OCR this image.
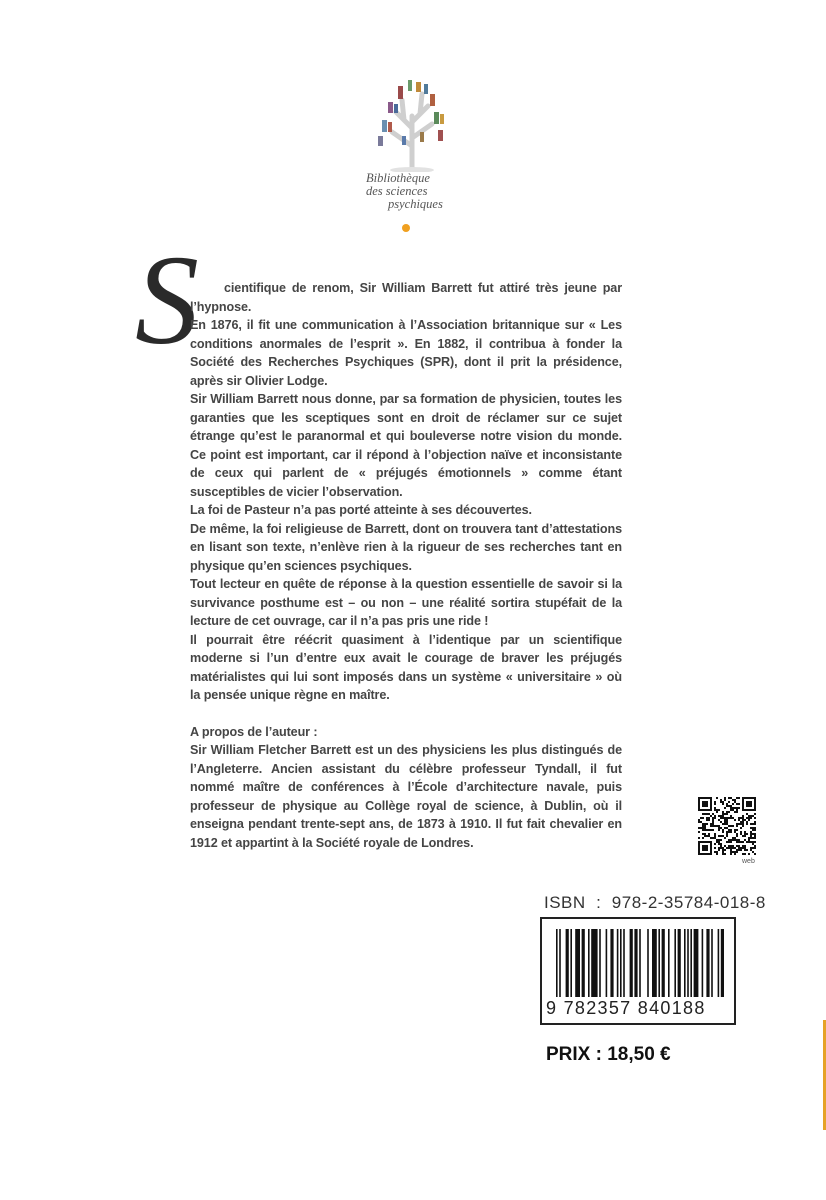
Bibliothèque
des sciences
psychiques
S	cientifique de renom, Sir William Barrett fut attiré très jeune par l’hypnose.

En 1876, il fit une communication à l’Association britannique sur « Les conditions anormales de l’esprit ». En 1882, il contribua à fonder la Société des Recherches Psychiques (SPR), dont il prit la présidence, après sir Olivier Lodge.

Sir William Barrett nous donne, par sa formation de physicien, toutes les garanties que les sceptiques sont en droit de réclamer sur ce sujet étrange qu’est le paranormal et qui bouleverse notre vision du monde. Ce point est important, car il répond à l’objection naïve et inconsistante de ceux qui parlent de « préjugés émotionnels » comme étant susceptibles de vicier l’observation.

La foi de Pasteur n’a pas porté atteinte à ses découvertes.

De même, la foi religieuse de Barrett, dont on trouvera tant d’attestations en lisant son texte, n’enlève rien à la rigueur de ses recherches tant en physique qu’en sciences psychiques.

Tout lecteur en quête de réponse à la question essentielle de savoir si la survivance posthume est – ou non – une réalité sortira stupéfait de la lecture de cet ouvrage, car il n’a pas pris une ride !

Il pourrait être réécrit quasiment à l’identique par un scientifique moderne si l’un d’entre eux avait le courage de braver les préjugés matérialistes qui lui sont imposés dans un système « universitaire » où la pensée unique règne en maître.

A propos de l’auteur :

Sir William Fletcher Barrett est un des physiciens les plus distingués de l’Angleterre. Ancien assistant du célèbre professeur Tyndall, il fut nommé maître de conférences à l’École d’architecture navale, puis professeur de physique au Collège royal de science, à Dublin, où il enseigna pendant trente-sept ans, de 1873 à 1910. Il fut fait chevalier en 1912 et appartint à la Société royale de Londres.

web
ISBN  :  978-2-35784-018-8
9 782357 840188
PRIX : 18,50 €
